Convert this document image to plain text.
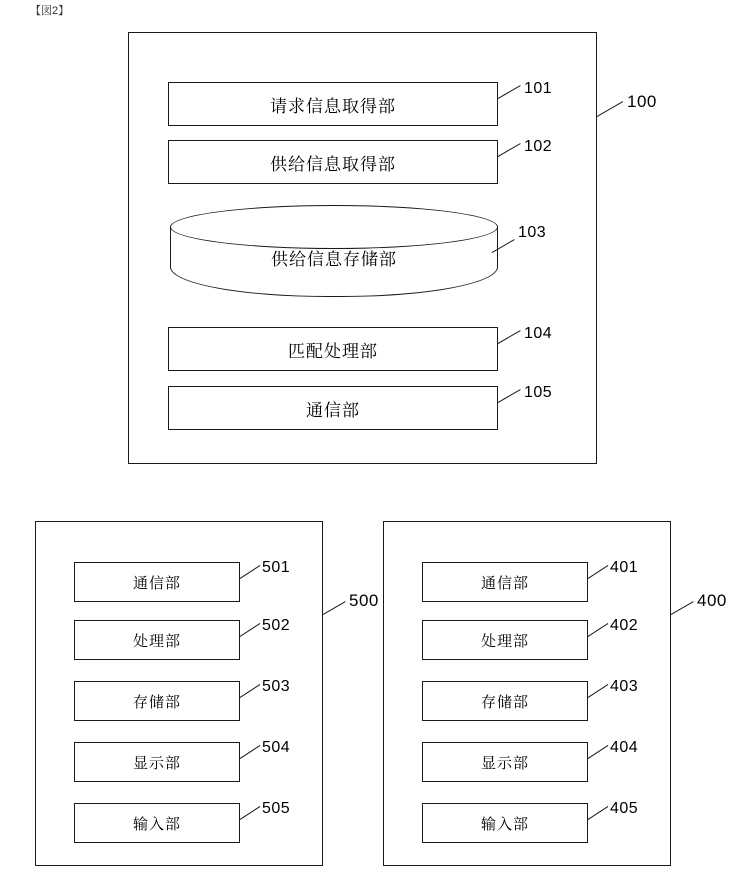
【図2】
请求信息取得部
供给信息取得部
供给信息存储部
匹配处理部
通信部
101
102
103
104
105
100
通信部
处理部
存储部
显示部
输入部
501
502
503
504
505
500
通信部
处理部
存储部
显示部
输入部
401
402
403
404
405
400
